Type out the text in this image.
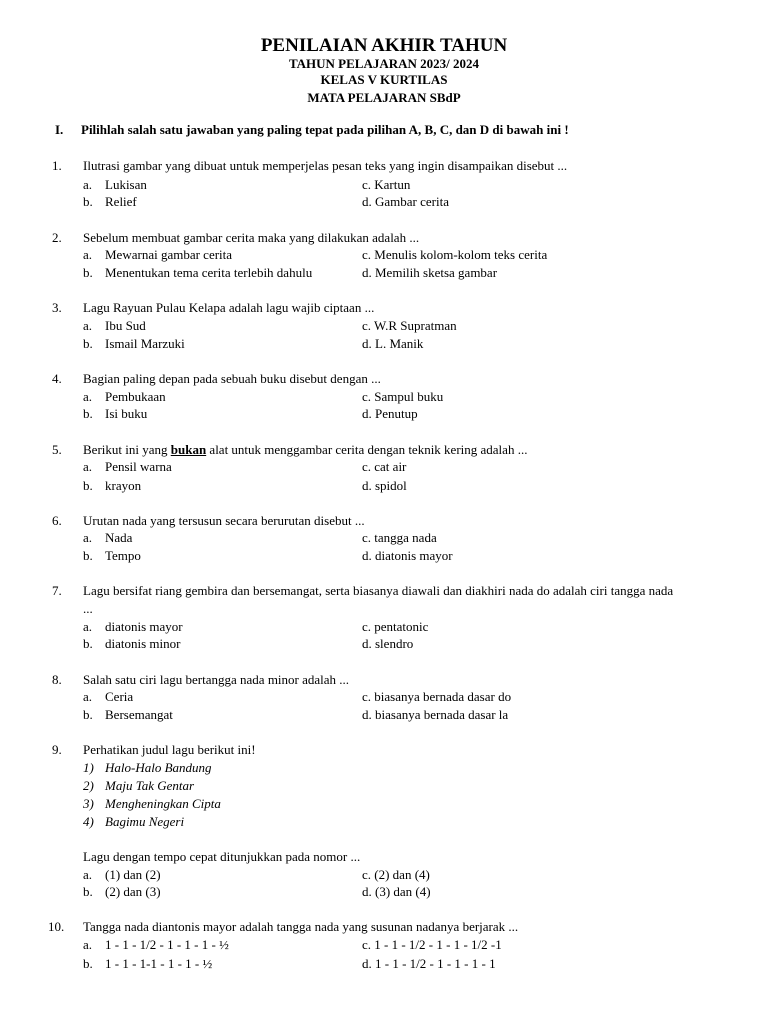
PENILAIAN AKHIR TAHUN
TAHUN PELAJARAN 2023/ 2024
KELAS V KURTILAS
MATA PELAJARAN SBdP
I. Pilihlah salah satu jawaban yang paling tepat pada pilihan A, B, C, dan D di bawah ini !
1. Ilutrasi gambar yang dibuat untuk memperjelas pesan teks yang ingin disampaikan disebut ...
a. Lukisan	c. Kartun
b. Relief	d. Gambar cerita
2. Sebelum membuat gambar cerita maka yang dilakukan adalah ...
a. Mewarnai gambar cerita	c. Menulis kolom-kolom teks cerita
b. Menentukan tema cerita terlebih dahulu	d. Memilih sketsa gambar
3. Lagu Rayuan Pulau Kelapa adalah lagu wajib ciptaan ...
a. Ibu Sud	c. W.R Supratman
b. Ismail Marzuki	d. L. Manik
4. Bagian paling depan pada sebuah buku disebut dengan ...
a. Pembukaan	c. Sampul buku
b. Isi buku	d. Penutup
5. Berikut ini yang bukan alat untuk menggambar cerita dengan teknik kering adalah ...
a. Pensil warna	c. cat air
b. krayon	d. spidol
6. Urutan nada yang tersusun secara berurutan disebut ...
a. Nada	c. tangga nada
b. Tempo	d. diatonis mayor
7. Lagu bersifat riang gembira dan bersemangat, serta biasanya diawali dan diakhiri nada do adalah ciri tangga nada
...
a. diatonis mayor	c. pentatonic
b. diatonis minor	d. slendro
8. Salah satu ciri lagu bertangga nada minor adalah ...
a. Ceria	c. biasanya bernada dasar do
b. Bersemangat	d. biasanya bernada dasar la
9. Perhatikan judul lagu berikut ini!
1) Halo-Halo Bandung
2) Maju Tak Gentar
3) Mengheningkan Cipta
4) Bagimu Negeri
Lagu dengan tempo cepat ditunjukkan pada nomor ...
a. (1) dan (2)	c. (2) dan (4)
b. (2) dan (3)	d. (3) dan (4)
10. Tangga nada diantonis mayor adalah tangga nada yang susunan nadanya berjarak ...
a. 1 - 1 - 1/2 - 1 - 1 - 1 - ½	c. 1 - 1 - 1/2 - 1 - 1 - 1/2 -1
b. 1 - 1 - 1-1 - 1 - 1 - ½	d. 1 - 1 - 1/2 - 1 - 1 - 1 - 1
